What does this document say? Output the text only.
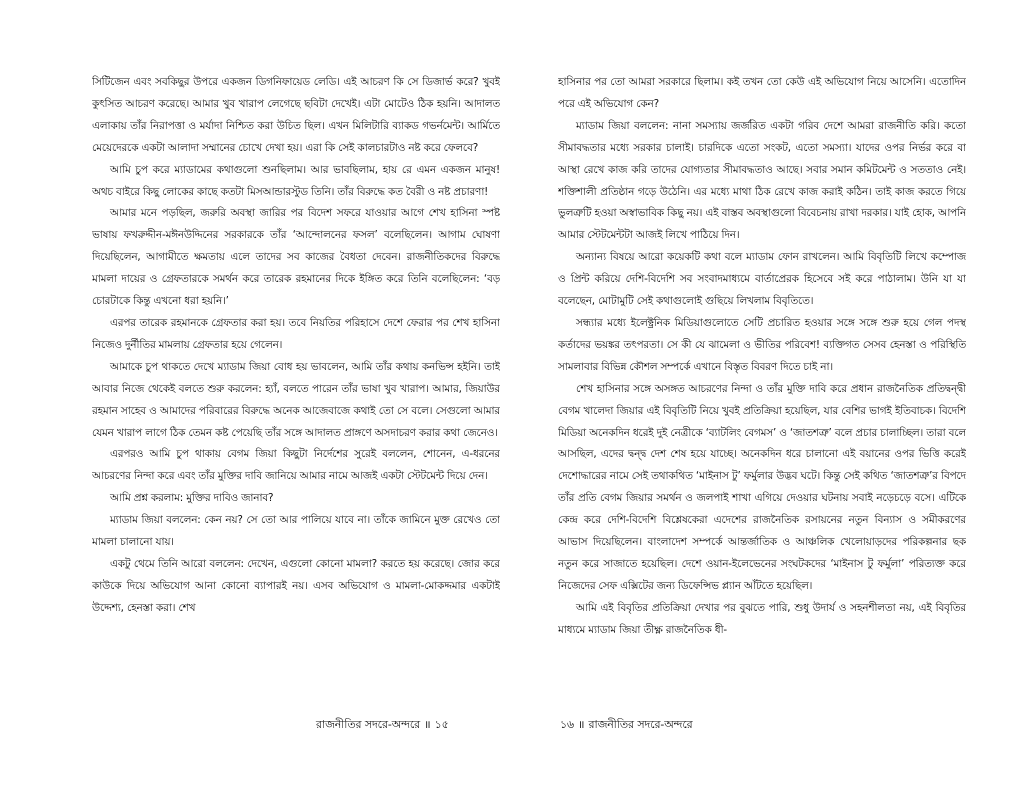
সিটিজেন এবং সবকিছুর উপরে একজন ডিগনিফায়েড লেডি। এই আচরণ কি সে ডিজার্ভ করে? খুবই কুৎসিত আচরণ করেছে। আমার খুব খারাপ লেগেছে ছবিটা দেখেই। এটা মোটেও ঠিক হয়নি। আদালত এলাকায় তাঁর নিরাপত্তা ও মর্যাদা নিশ্চিত করা উচিত ছিল। এখন মিলিটারি ব্যাকড গভর্নমেন্ট। আর্মিতে মেয়েদেরকে একটা আলাদা সম্মানের চোখে দেখা হয়। এরা কি সেই কালচারটাও নষ্ট করে ফেলবে?

আমি চুপ করে ম্যাডামের কথাগুলো শুনছিলাম। আর ভাবছিলাম, হায় রে এমন একজন মানুষ! অথচ বাইরে কিছু লোকের কাছে কতটা মিসআন্ডারস্টুড তিনি। তাঁর বিরুদ্ধে কত বৈরী ও নষ্ট প্রচারণা!

আমার মনে পড়ছিল, জরুরি অবস্থা জারির পর বিদেশ সফরে যাওয়ার আগে শেখ হাসিনা স্পষ্ট ভাষায় ফখরুদ্দীন-মঈনউদ্দিনের সরকারকে তাঁর ‘আন্দোলনের ফসল’ বলেছিলেন। আগাম ঘোষণা দিয়েছিলেন, আগামীতে ক্ষমতায় এলে তাদের সব কাজের বৈধতা দেবেন। রাজনীতিকদের বিরুদ্ধে মামলা দায়ের ও গ্রেফতারকে সমর্থন করে তারেক রহমানের দিকে ইঙ্গিত করে তিনি বলেছিলেন: ‘বড় চোরটাকে কিন্তু এখনো ধরা হয়নি।’

এরপর তারেক রহমানকে গ্রেফতার করা হয়। তবে নিয়তির পরিহাসে দেশে ফেরার পর শেখ হাসিনা নিজেও দুর্নীতির মামলায় গ্রেফতার হয়ে গেলেন।

আমাকে চুপ থাকতে দেখে ম্যাডাম জিয়া বোধ হয় ভাবলেন, আমি তাঁর কথায় কনভিন্স হইনি। তাই আবার নিজে থেকেই বলতে শুরু করলেন: হ্যাঁ, বলতে পারেন তাঁর ভাষা খুব খারাপ। আমার, জিয়াউর রহমান সাহেব ও আমাদের পরিবারের বিরুদ্ধে অনেক আজেবাজে কথাই তো সে বলে। সেগুলো আমার যেমন খারাপ লাগে ঠিক তেমন কষ্ট পেয়েছি তাঁর সঙ্গে আদালত প্রাঙ্গণে অসদাচরণ করার কথা জেনেও।

এরপরও আমি চুপ থাকায় বেগম জিয়া কিছুটা নির্দেশের সুরেই বললেন, শোনেন, এ-ধরনের আচরণের নিন্দা করে এবং তাঁর মুক্তির দাবি জানিয়ে আমার নামে আজই একটা স্টেটমেন্ট দিয়ে দেন।

আমি প্রশ্ন করলাম: মুক্তির দাবিও জানাব?

ম্যাডাম জিয়া বললেন: কেন নয়? সে তো আর পালিয়ে যাবে না। তাঁকে জামিনে মুক্ত রেখেও তো মামলা চালানো যায়।

একটু থেমে তিনি আরো বললেন: দেখেন, এগুলো কোনো মামলা? করতে হয় করেছে। জোর করে কাউকে দিয়ে অভিযোগ আনা কোনো ব্যাপারই নয়। এসব অভিযোগ ও মামলা-মোকদ্দমার একটাই উদ্দেশ্য, হেনস্তা করা। শেখ

রাজনীতির সদরে-অন্দরে ॥ ১৫

হাসিনার পর তো আমরা সরকারে ছিলাম। কই তখন তো কেউ এই অভিযোগ নিয়ে আসেনি। এতোদিন পরে এই অভিযোগ কেন?

ম্যাডাম জিয়া বললেন: নানা সমস্যায় জর্জরিত একটা গরিব দেশে আমরা রাজনীতি করি। কতো সীমাবদ্ধতার মধ্যে সরকার চালাই। চারদিকে এতো সংকট, এতো সমস্যা। যাদের ওপর নির্ভর করে বা আস্থা রেখে কাজ করি তাদের যোগ্যতার সীমাবদ্ধতাও আছে। সবার সমান কমিটমেন্ট ও সততাও নেই। শক্তিশালী প্রতিষ্ঠান গড়ে উঠেনি। এর মধ্যে মাথা ঠিক রেখে কাজ করাই কঠিন। তাই কাজ করতে গিয়ে ভুলত্রুটি হওয়া অস্বাভাবিক কিছু নয়। এই বাস্তব অবস্থাগুলো বিবেচনায় রাখা দরকার। যাই হোক, আপনি আমার স্টেটমেন্টটা আজই লিখে পাঠিয়ে দিন।

অন্যান্য বিষয়ে আরো কয়েকটি কথা বলে ম্যাডাম ফোন রাখলেন। আমি বিবৃতিটি লিখে কম্পোজ ও প্রিন্ট করিয়ে দেশি-বিদেশি সব সংবাদমাধ্যমে বার্তাপ্রেরক হিসেবে সই করে পাঠালাম। উনি যা যা বলেছেন, মোটামুটি সেই কথাগুলোই গুছিয়ে লিখলাম বিবৃতিতে।

সন্ধ্যার মধ্যে ইলেক্ট্রনিক মিডিয়াগুলোতে সেটি প্রচারিত হওয়ার সঙ্গে সঙ্গে শুরু হয়ে গেল পদস্থ কর্তাদের ভয়ঙ্কর তৎপরতা। সে কী যে ঝামেলা ও ভীতির পরিবেশ! ব্যক্তিগত সেসব হেনস্তা ও পরিস্থিতি সামলাবার বিভিন্ন কৌশল সম্পর্কে এখানে বিস্তৃত বিবরণ দিতে চাই না।

শেখ হাসিনার সঙ্গে অসঙ্গত আচরণের নিন্দা ও তাঁর মুক্তি দাবি করে প্রধান রাজনৈতিক প্রতিদ্বন্দ্বী বেগম খালেদা জিয়ার এই বিবৃতিটি নিয়ে খুবই প্রতিক্রিয়া হয়েছিল, যার বেশির ভাগই ইতিবাচক। বিদেশি মিডিয়া অনেকদিন ধরেই দুই নেত্রীকে ‘ব্যাটলিং বেগমস’ ও ‘জাতশত্রু’ বলে প্রচার চালাচ্ছিল। তারা বলে আসছিল, এদের দ্বন্দ্ব দেশ শেষ হয়ে যাচ্ছে। অনেকদিন ধরে চালানো এই বয়ানের ওপর ভিত্তি করেই দেশোদ্ধারের নামে সেই তথাকথিত ‘মাইনাস টু’ ফর্মুলার উদ্ভব ঘটে। কিন্তু সেই কথিত ‘জাতশত্রু’র বিপদে তাঁর প্রতি বেগম জিয়ার সমর্থন ও জলপাই শাখা এগিয়ে দেওয়ার ঘটনায় সবাই নড়েচড়ে বসে। এটিকে কেন্দ্র করে দেশি-বিদেশি বিশ্লেষকেরা এদেশের রাজনৈতিক রসায়নের নতুন বিন্যাস ও সমীকরণের আভাস দিয়েছিলেন। বাংলাদেশ সম্পর্কে আন্তর্জাতিক ও আঞ্চলিক খেলোয়াড়দের পরিকল্পনার ছক নতুন করে সাজাতে হয়েছিল। দেশে ওয়ান-ইলেভেনের সংঘটকদের ‘মাইনাস টু ফর্মুলা’ পরিত্যক্ত করে নিজেদের সেফ এক্সিটের জন্য ডিফেন্সিভ প্ল্যান আঁটতে হয়েছিল।

আমি এই বিবৃতির প্রতিক্রিয়া দেখার পর বুঝতে পারি, শুধু উদার্য ও সহনশীলতা নয়, এই বিবৃতির মাধ্যমে ম্যাডাম জিয়া তীক্ষ্ণ রাজনৈতিক ধী-

১৬ ॥ রাজনীতির সদরে-অন্দরে
